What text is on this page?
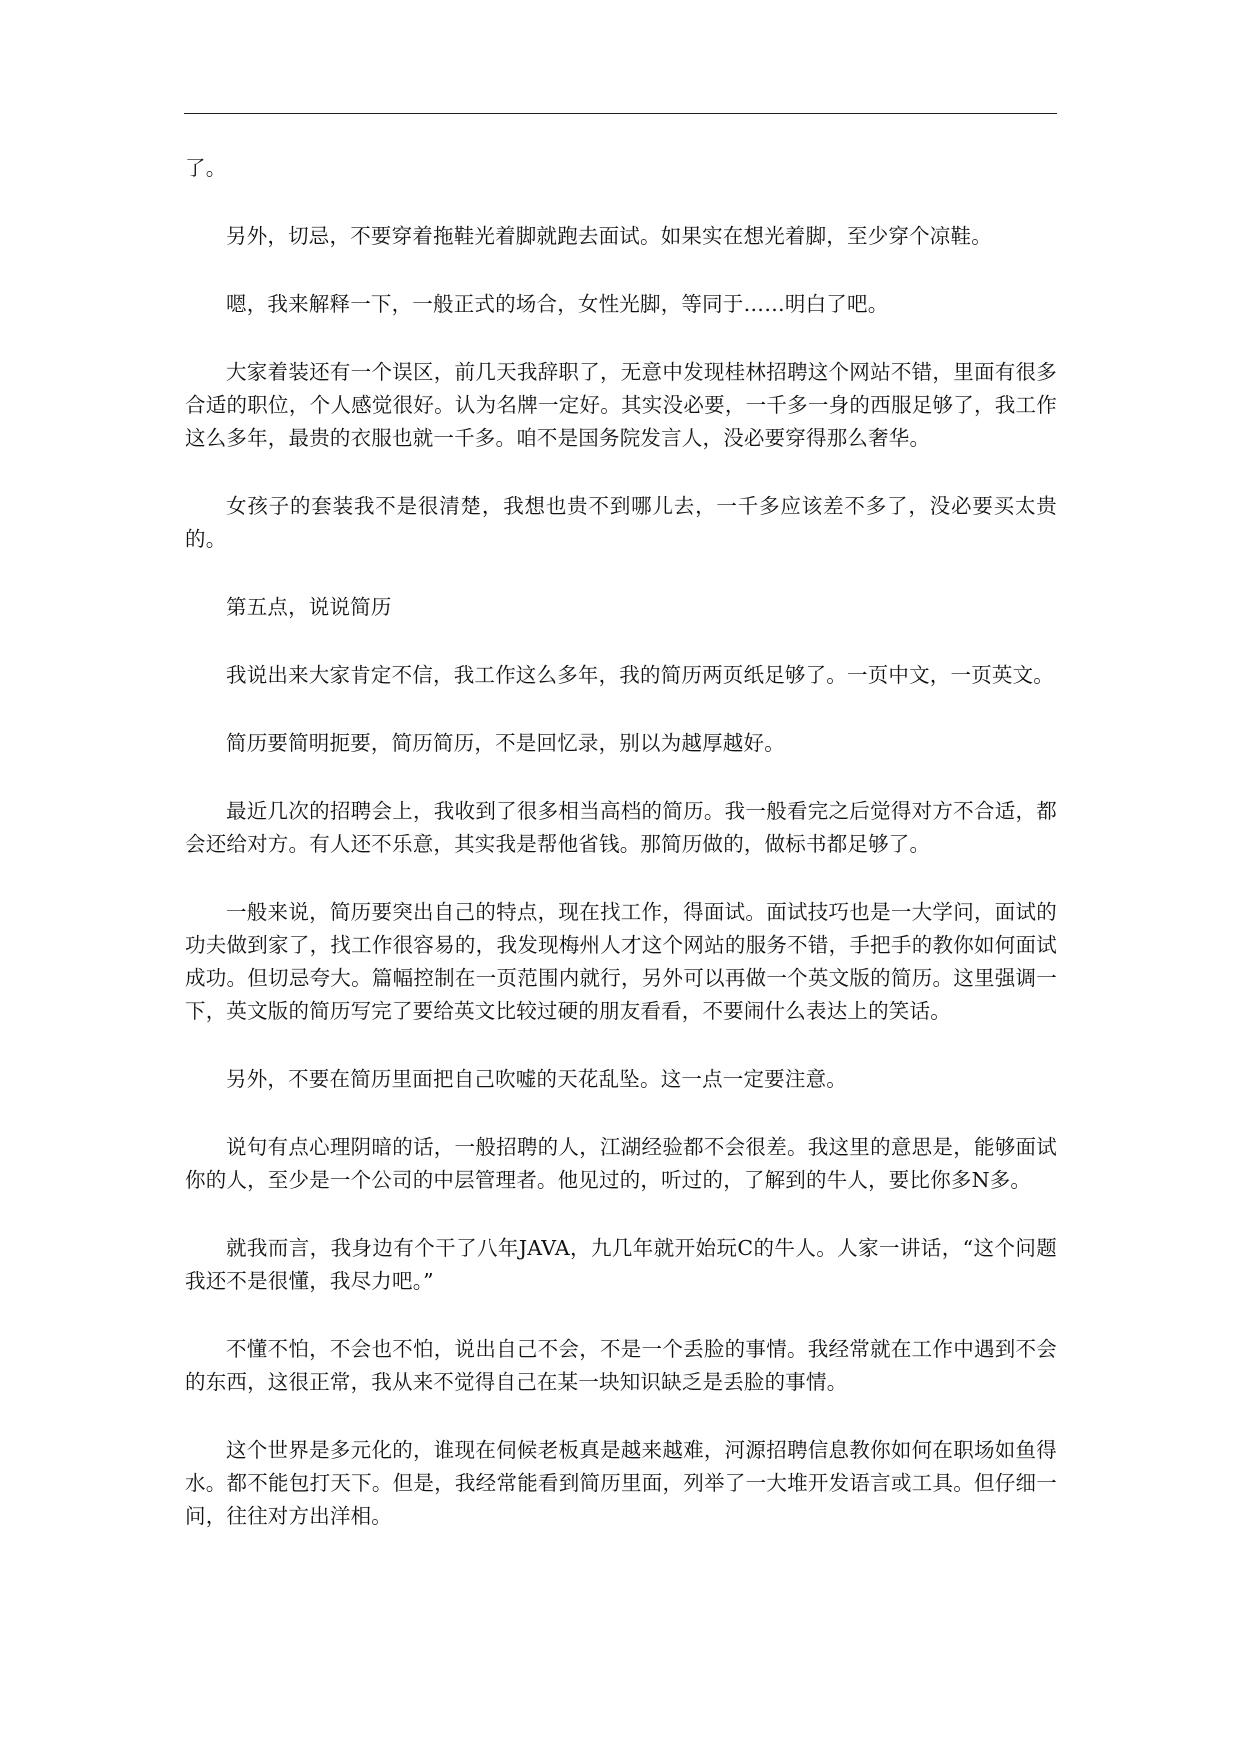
了。

另外，切忌，不要穿着拖鞋光着脚就跑去面试。如果实在想光着脚，至少穿个凉鞋。

嗯，我来解释一下，一般正式的场合，女性光脚，等同于……明白了吧。

大家着装还有一个误区，前几天我辞职了，无意中发现桂林招聘这个网站不错，里面有很多合适的职位，个人感觉很好。认为名牌一定好。其实没必要，一千多一身的西服足够了，我工作这么多年，最贵的衣服也就一千多。咱不是国务院发言人，没必要穿得那么奢华。

女孩子的套装我不是很清楚，我想也贵不到哪儿去，一千多应该差不多了，没必要买太贵的。

第五点，说说简历

我说出来大家肯定不信，我工作这么多年，我的简历两页纸足够了。一页中文，一页英文。

简历要简明扼要，简历简历，不是回忆录，别以为越厚越好。

最近几次的招聘会上，我收到了很多相当高档的简历。我一般看完之后觉得对方不合适，都会还给对方。有人还不乐意，其实我是帮他省钱。那简历做的，做标书都足够了。

一般来说，简历要突出自己的特点，现在找工作，得面试。面试技巧也是一大学问，面试的功夫做到家了，找工作很容易的，我发现梅州人才这个网站的服务不错，手把手的教你如何面试成功。但切忌夸大。篇幅控制在一页范围内就行，另外可以再做一个英文版的简历。这里强调一下，英文版的简历写完了要给英文比较过硬的朋友看看，不要闹什么表达上的笑话。

另外，不要在简历里面把自己吹嘘的天花乱坠。这一点一定要注意。

说句有点心理阴暗的话，一般招聘的人，江湖经验都不会很差。我这里的意思是，能够面试你的人，至少是一个公司的中层管理者。他见过的，听过的，了解到的牛人，要比你多N多。

就我而言，我身边有个干了八年JAVA，九几年就开始玩C的牛人。人家一讲话，“这个问题我还不是很懂，我尽力吧。”

不懂不怕，不会也不怕，说出自己不会，不是一个丢脸的事情。我经常就在工作中遇到不会的东西，这很正常，我从来不觉得自己在某一块知识缺乏是丢脸的事情。

这个世界是多元化的，谁现在伺候老板真是越来越难，河源招聘信息教你如何在职场如鱼得水。都不能包打天下。但是，我经常能看到简历里面，列举了一大堆开发语言或工具。但仔细一问，往往对方出洋相。
